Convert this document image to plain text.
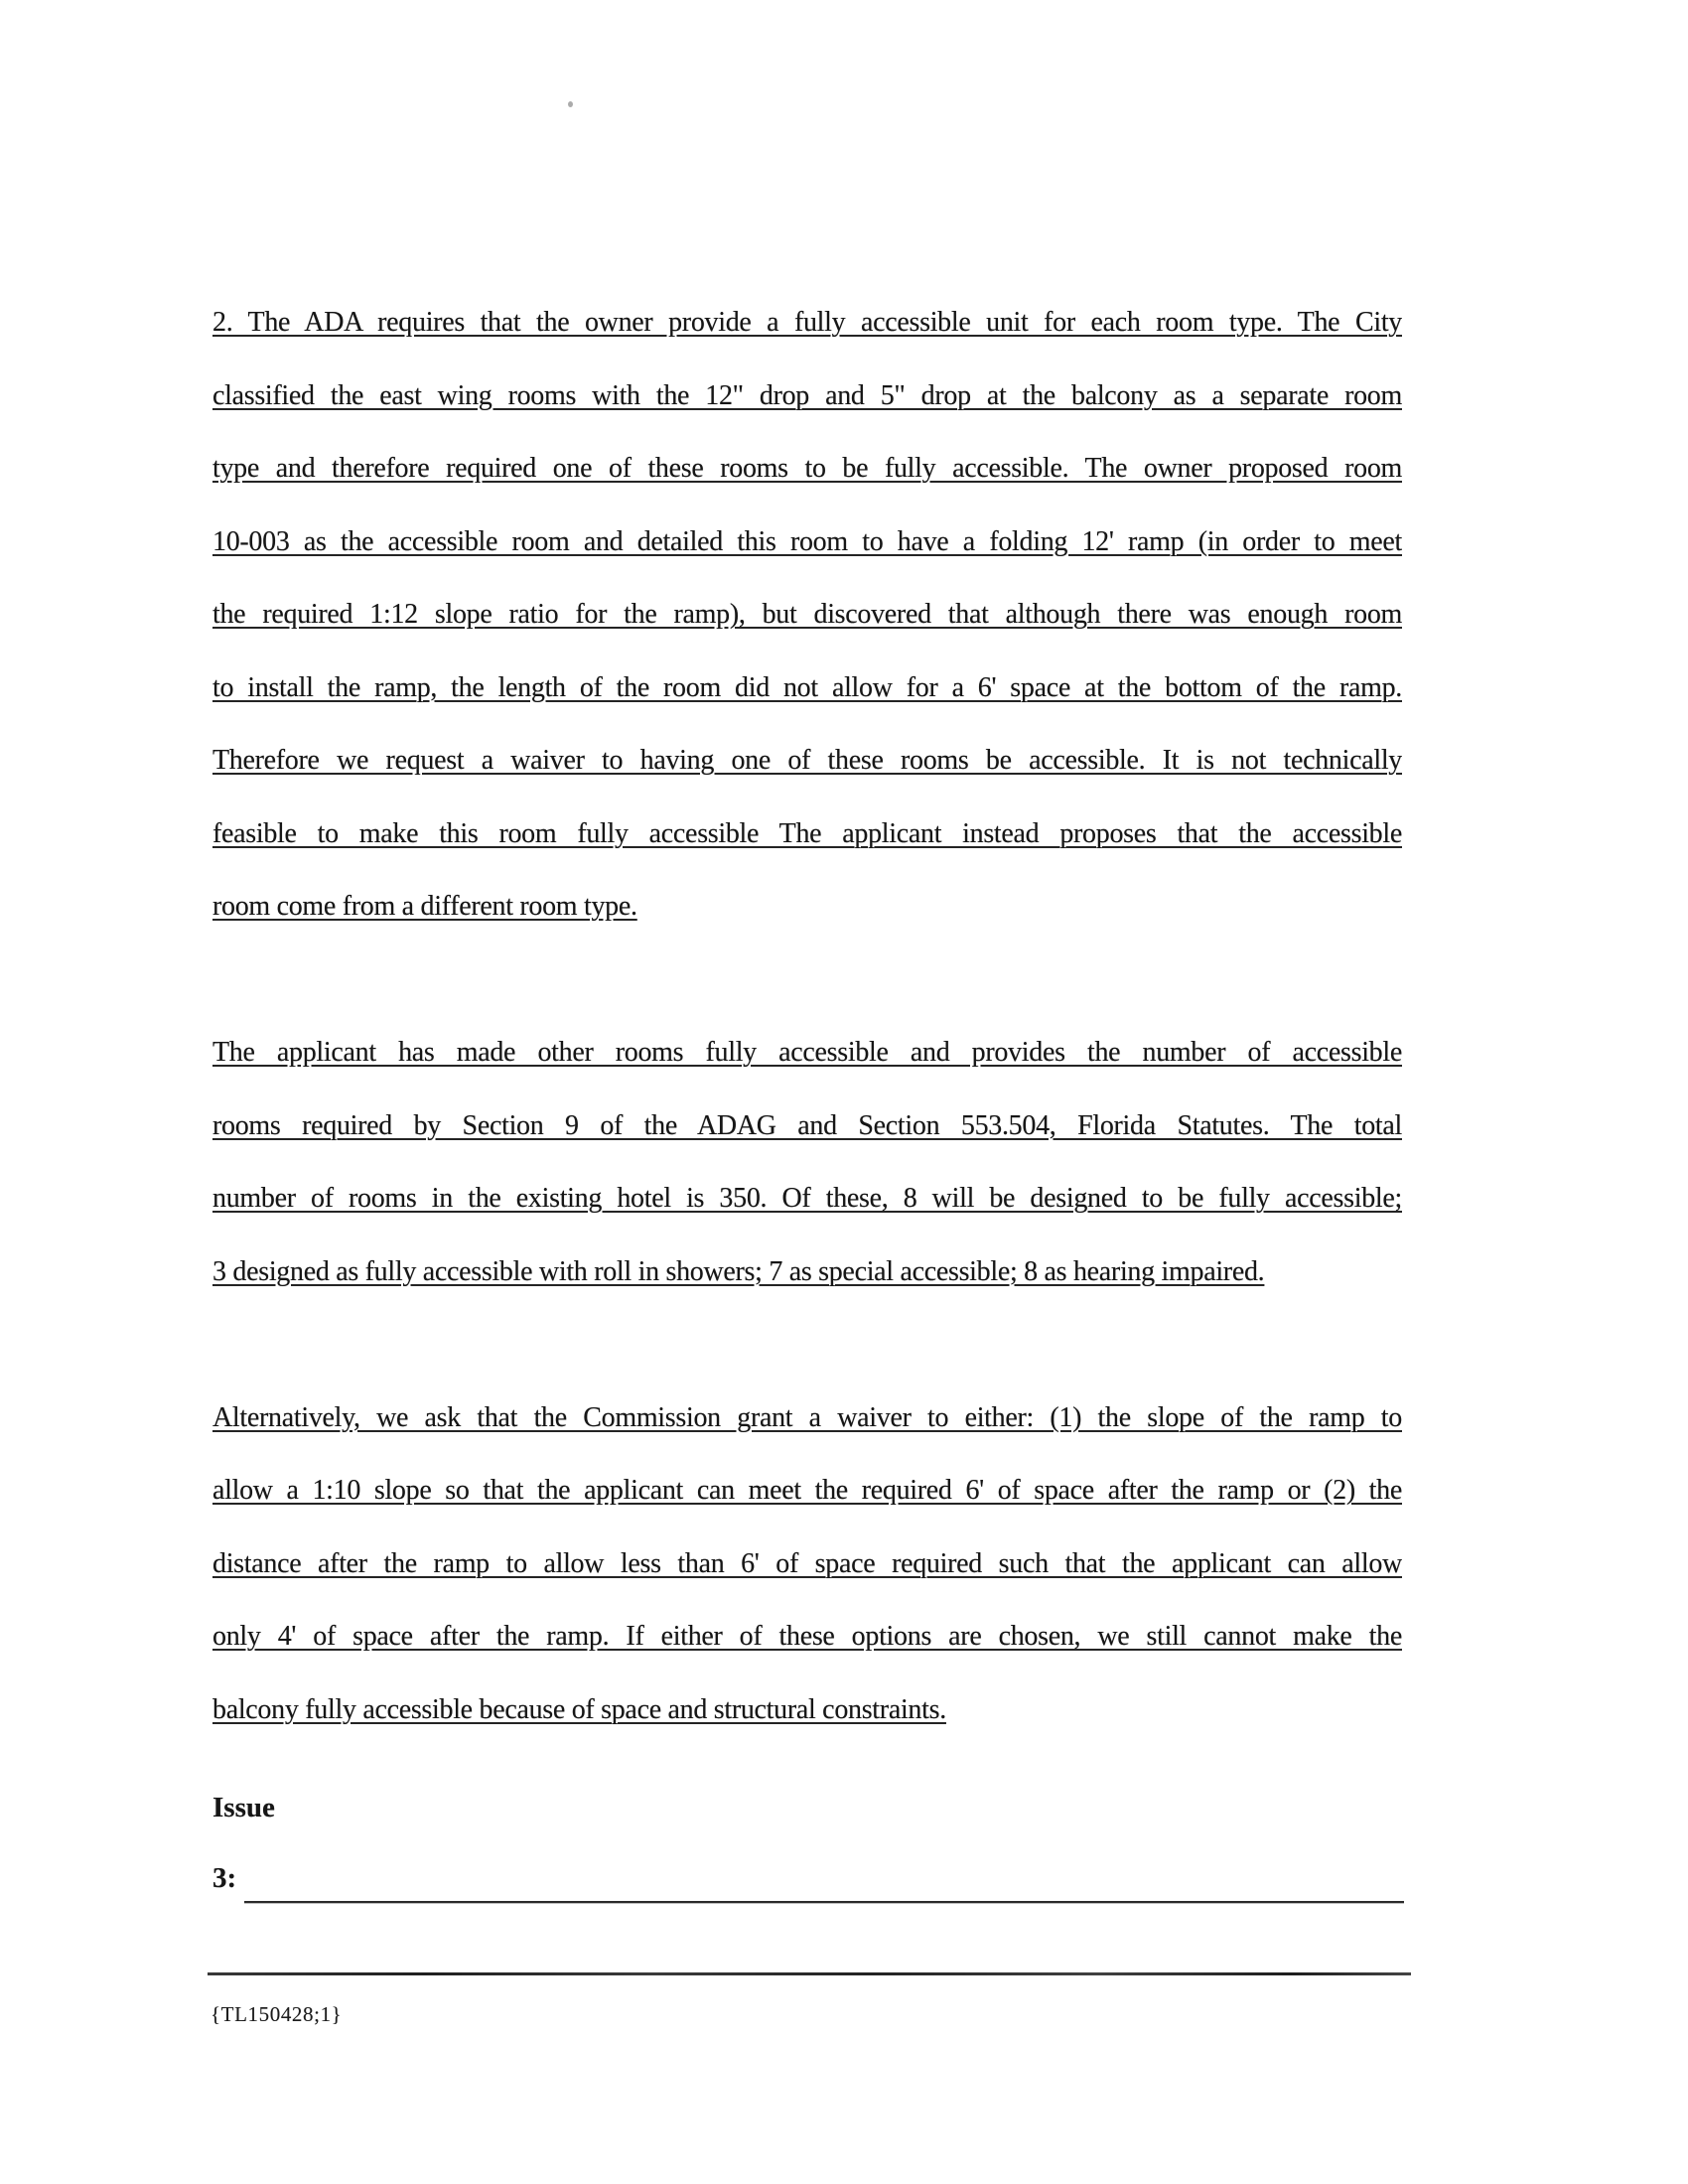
2. The ADA requires that the owner provide a fully accessible unit for each room type. The City
classified the east wing rooms with the 12" drop and 5" drop at the balcony as a separate room
type and therefore required one of these rooms to be fully accessible. The owner proposed room
10-003 as the accessible room and detailed this room to have a folding 12' ramp (in order to meet
the required 1:12 slope ratio for the ramp), but discovered that although there was enough room
to install the ramp, the length of the room did not allow for a 6' space at the bottom of the ramp.
Therefore we request a waiver to having one of these rooms be accessible. It is not technically
feasible to make this room fully accessible The applicant instead proposes that the accessible
room come from a different room type.
The applicant has made other rooms fully accessible and provides the number of accessible
rooms required by Section 9 of the ADAG and Section 553.504, Florida Statutes. The total
number of rooms in the existing hotel is 350. Of these, 8 will be designed to be fully accessible;
3 designed as fully accessible with roll in showers; 7 as special accessible; 8 as hearing impaired.
Alternatively, we ask that the Commission grant a waiver to either: (1) the slope of the ramp to
allow a 1:10 slope so that the applicant can meet the required 6' of space after the ramp or (2) the
distance after the ramp to allow less than 6' of space required such that the applicant can allow
only 4' of space after the ramp. If either of these options are chosen, we still cannot make the
balcony fully accessible because of space and structural constraints.
Issue
3:
{TL150428;1}
